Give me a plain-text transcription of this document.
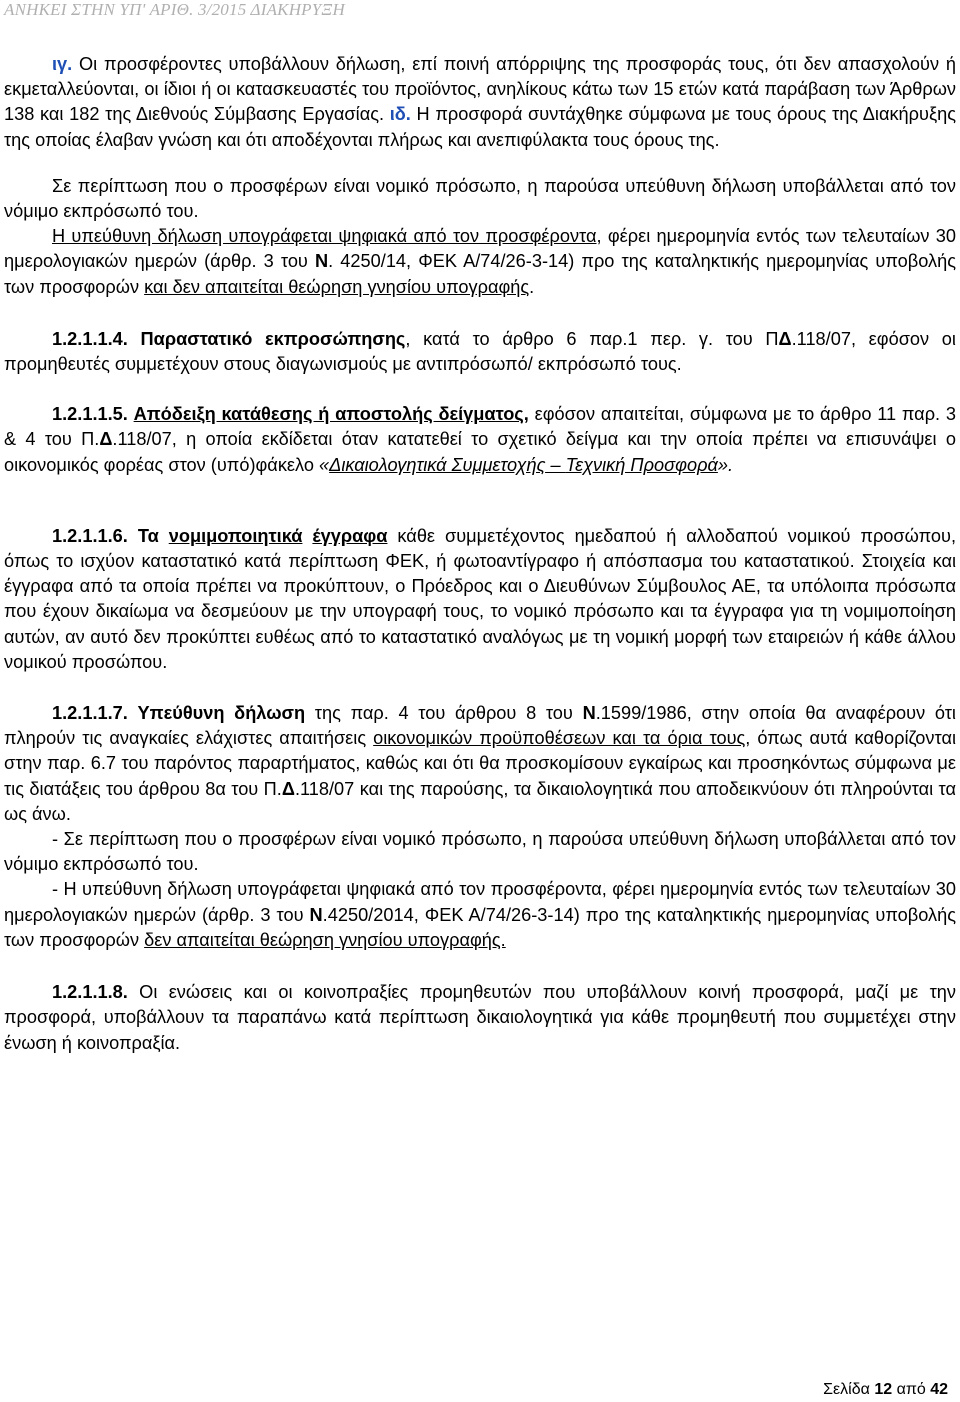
ΑΝΗΚΕΙ ΣΤΗΝ ΥΠ' ΑΡΙΘ. 3/2015 ΔΙΑΚΗΡΥΞΗ

ιγ. Οι προσφέροντες υποβάλλουν δήλωση, επί ποινή απόρριψης της προσφοράς τους, ότι δεν απασχολούν ή εκμεταλλεύονται, οι ίδιοι ή οι κατασκευαστές του προϊόντος, ανηλίκους κάτω των 15 ετών κατά παράβαση των Άρθρων 138 και 182 της Διεθνούς Σύμβασης Εργασίας. ιδ. Η προσφορά συντάχθηκε σύμφωνα με τους όρους της Διακήρυξης της οποίας έλαβαν γνώση και ότι αποδέχονται πλήρως και ανεπιφύλακτα τους όρους της.

Σε περίπτωση που ο προσφέρων είναι νομικό πρόσωπο, η παρούσα υπεύθυνη δήλωση υποβάλλεται από τον νόμιμο εκπρόσωπό του.

Η υπεύθυνη δήλωση υπογράφεται ψηφιακά από τον προσφέροντα, φέρει ημερομηνία εντός των τελευταίων 30 ημερολογιακών ημερών (άρθρ. 3 του Ν. 4250/14, ΦΕΚ Α/74/26-3-14) προ της καταληκτικής ημερομηνίας υποβολής των προσφορών και δεν απαιτείται θεώρηση γνησίου υπογραφής.

1.2.1.1.4. Παραστατικό εκπροσώπησης, κατά το άρθρο 6 παρ.1 περ. γ. του ΠΔ.118/07, εφόσον οι προμηθευτές συμμετέχουν στους διαγωνισμούς με αντιπρόσωπό/ εκπρόσωπό τους.

1.2.1.1.5. Απόδειξη κατάθεσης ή αποστολής δείγματος, εφόσον απαιτείται, σύμφωνα με το άρθρο 11 παρ. 3 & 4 του Π.Δ.118/07, η οποία εκδίδεται όταν κατατεθεί το σχετικό δείγμα και την οποία πρέπει να επισυνάψει ο οικονομικός φορέας στον (υπό)φάκελο «Δικαιολογητικά Συμμετοχής – Τεχνική Προσφορά».

1.2.1.1.6. Τα νομιμοποιητικά έγγραφα κάθε συμμετέχοντος ημεδαπού ή αλλοδαπού νομικού προσώπου, όπως το ισχύον καταστατικό κατά περίπτωση ΦΕΚ, ή φωτοαντίγραφο ή απόσπασμα του καταστατικού. Στοιχεία και έγγραφα από τα οποία πρέπει να προκύπτουν, ο Πρόεδρος και ο Διευθύνων Σύμβουλος ΑΕ, τα υπόλοιπα πρόσωπα που έχουν δικαίωμα να δεσμεύουν με την υπογραφή τους, το νομικό πρόσωπο και τα έγγραφα για τη νομιμοποίηση αυτών, αν αυτό δεν προκύπτει ευθέως από το καταστατικό αναλόγως με τη νομική μορφή των εταιρειών ή κάθε άλλου νομικού προσώπου.

1.2.1.1.7. Υπεύθυνη δήλωση της παρ. 4 του άρθρου 8 του Ν.1599/1986, στην οποία θα αναφέρουν ότι πληρούν τις αναγκαίες ελάχιστες απαιτήσεις οικονομικών προϋποθέσεων και τα όρια τους, όπως αυτά καθορίζονται στην παρ. 6.7 του παρόντος παραρτήματος, καθώς και ότι θα προσκομίσουν εγκαίρως και προσηκόντως σύμφωνα με τις διατάξεις του άρθρου 8α του Π.Δ.118/07 και της παρούσης, τα δικαιολογητικά που αποδεικνύουν ότι πληρούνται τα ως άνω.

- Σε περίπτωση που ο προσφέρων είναι νομικό πρόσωπο, η παρούσα υπεύθυνη δήλωση υποβάλλεται από τον νόμιμο εκπρόσωπό του.

- Η υπεύθυνη δήλωση υπογράφεται ψηφιακά από τον προσφέροντα, φέρει ημερομηνία εντός των τελευταίων 30 ημερολογιακών ημερών (άρθρ. 3 του Ν.4250/2014, ΦΕΚ Α/74/26-3-14) προ της καταληκτικής ημερομηνίας υποβολής των προσφορών δεν απαιτείται θεώρηση γνησίου υπογραφής.

1.2.1.1.8. Οι ενώσεις και οι κοινοπραξίες προμηθευτών που υποβάλλουν κοινή προσφορά, μαζί με την προσφορά, υποβάλλουν τα παραπάνω κατά περίπτωση δικαιολογητικά για κάθε προμηθευτή που συμμετέχει στην ένωση ή κοινοπραξία.

Σελίδα 12 από 42
